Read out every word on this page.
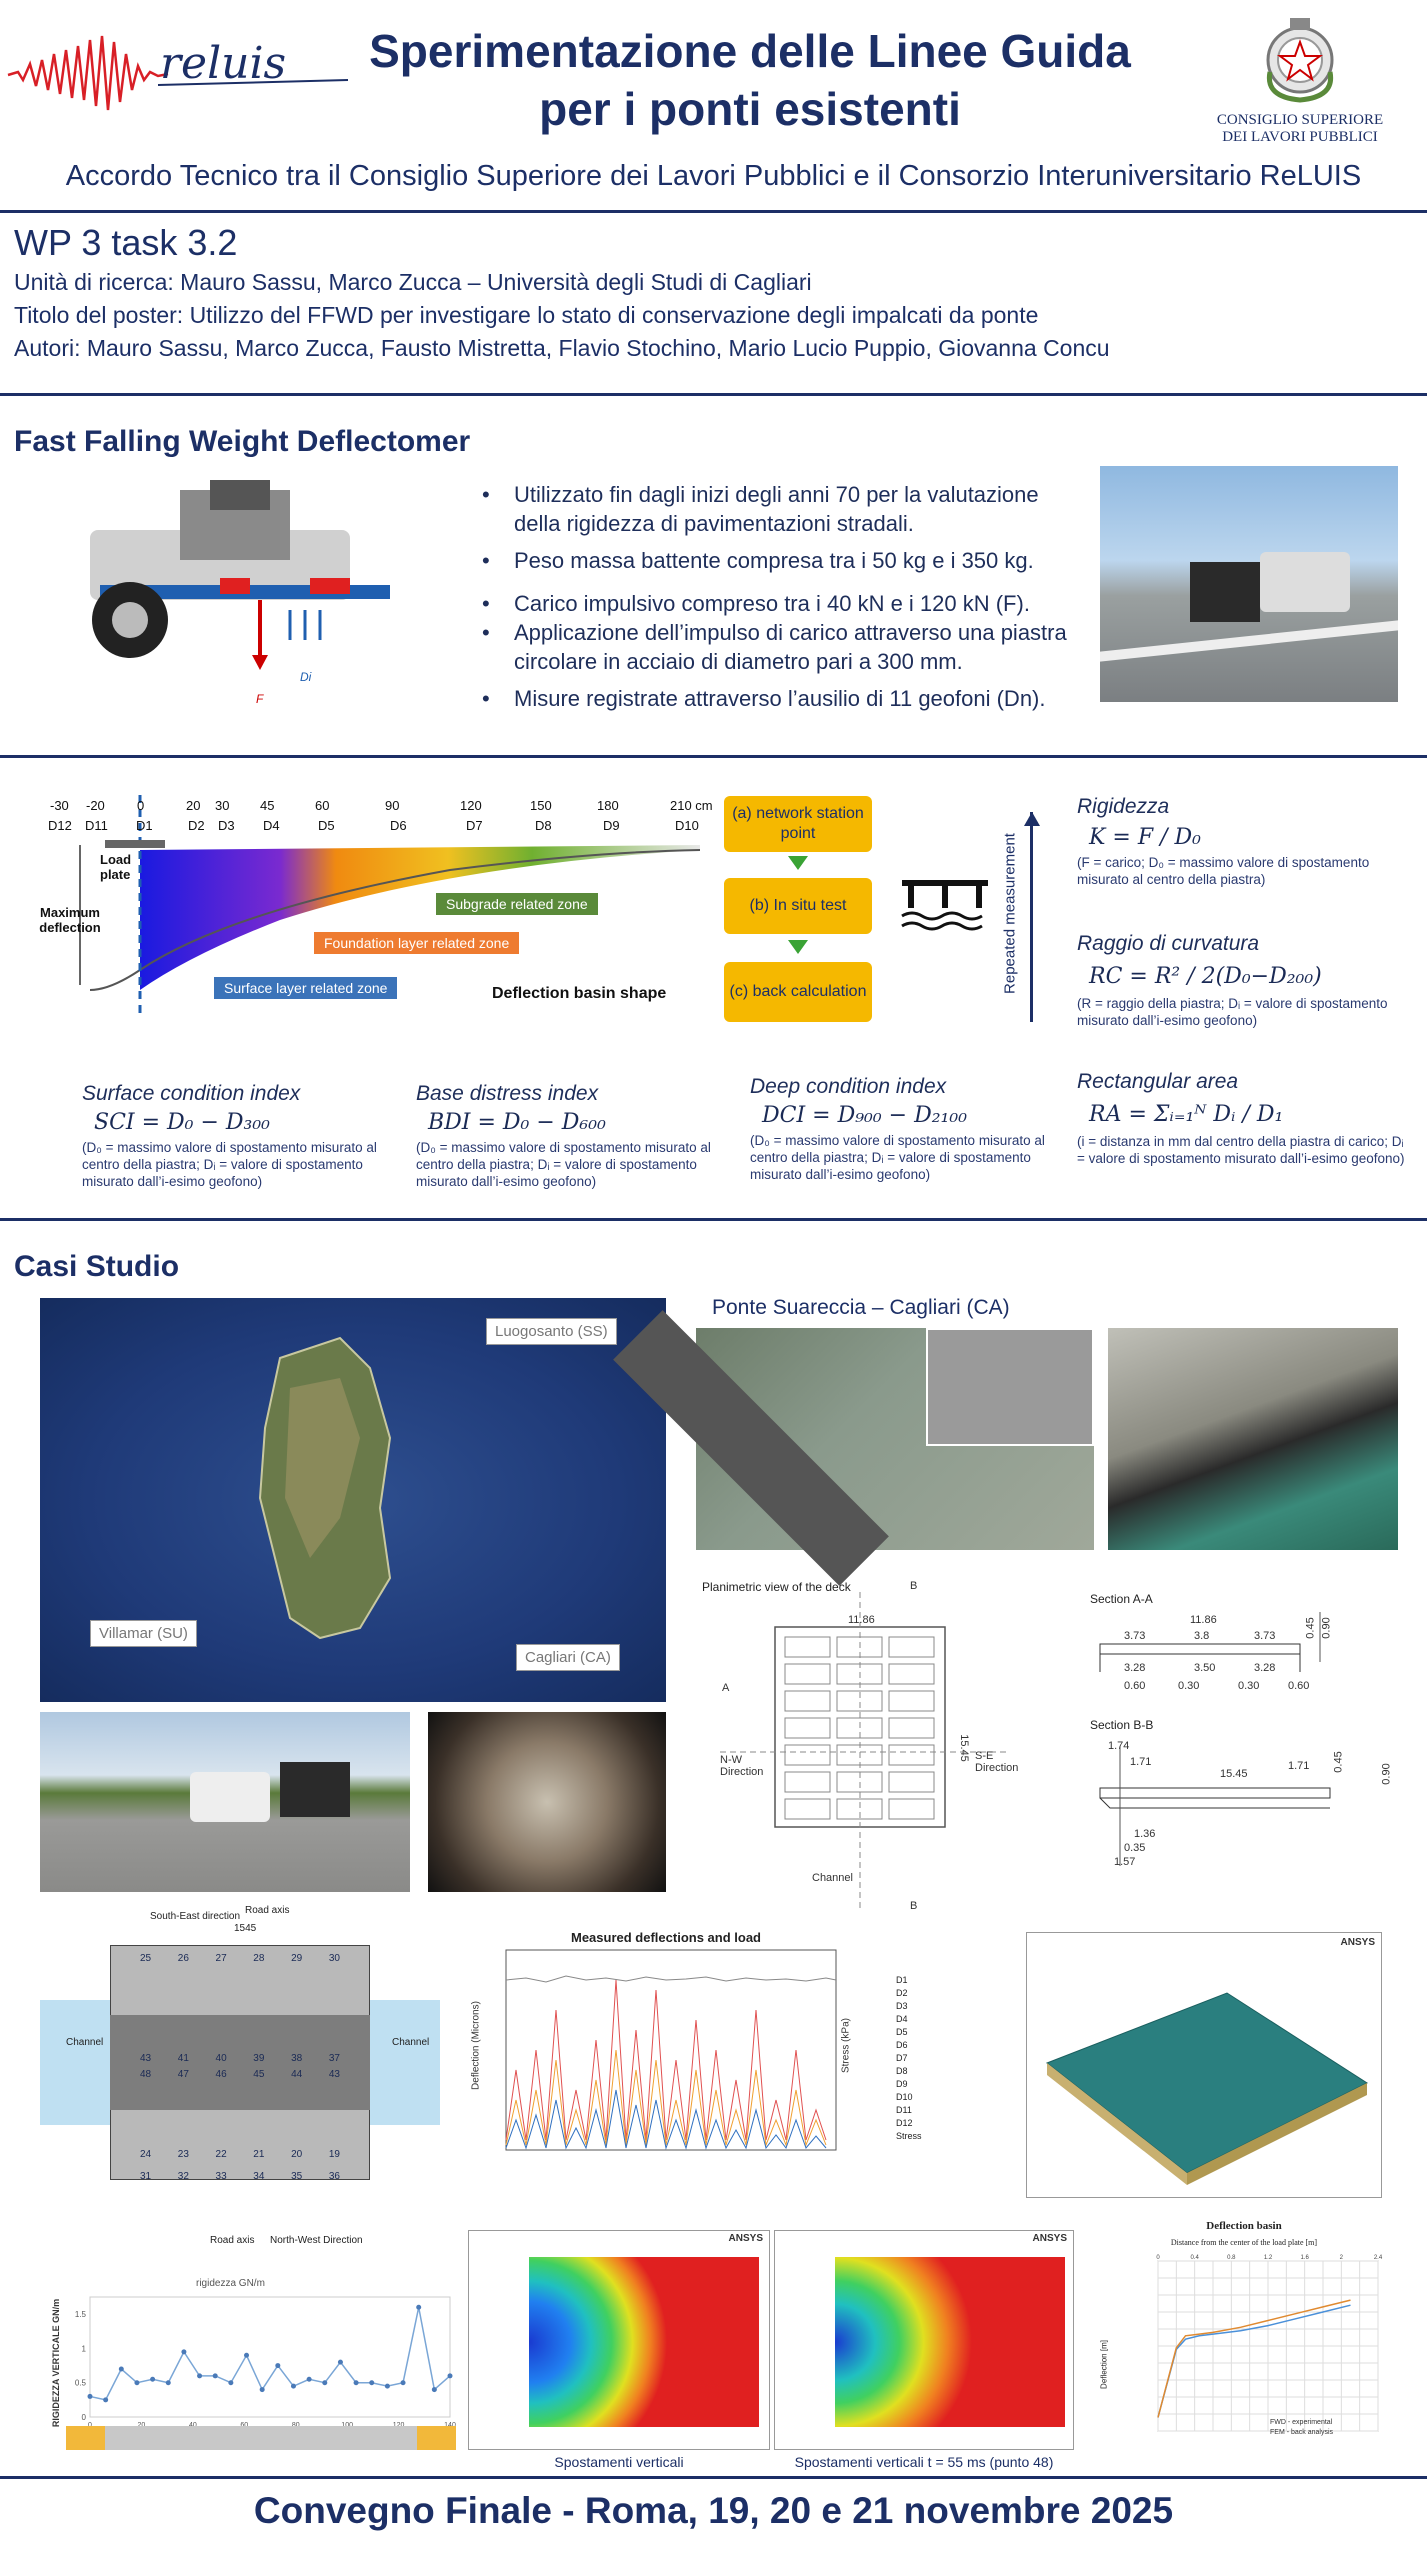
reluis	Sperimentazione delle Linee Guida
per i ponti esistenti	CONSIGLIO SUPERIORE
DEI LAVORI PUBBLICI
Accordo Tecnico tra il Consiglio Superiore dei Lavori Pubblici e il Consorzio Interuniversitario ReLUIS
WP 3 task 3.2
Unità di ricerca: Mauro Sassu, Marco Zucca – Università degli Studi di Cagliari
Titolo del poster: Utilizzo del FFWD per investigare lo stato di conservazione degli impalcati da ponte
Autori: Mauro Sassu, Marco Zucca, Fausto Mistretta, Flavio Stochino, Mario Lucio Puppio, Giovanna Concu
Fast Falling Weight Deflectomer
F
Di
• Utilizzato fin dagli inizi degli anni 70 per la valutazione della rigidezza di pavimentazioni stradali.
• Peso massa battente compresa tra i 50 kg e i 350 kg.
• Carico impulsivo compreso tra i 40 kN e i 120 kN (F).
• Applicazione dell’impulso di carico attraverso una piastra circolare in acciaio di diametro pari a 300 mm.
• Misure registrate attraverso l’ausilio di 11 geofoni (Dn).
-30 -20 0	20 30 45	60	90	120	150	180	210 cm
D12 D11 D1	D2 D3 D4	D5	D6	D7	D8	D9	D10
Load plate
Maximum deflection
Subgrade related zone
Foundation layer related zone
Surface layer related zone	Deflection basin shape
(a) network station point
(b) In situ test
(c) back calculation	Repeated measurement
Rigidezza
K = F / D₀
(F = carico; D₀ = massimo valore di spostamento misurato al centro della piastra)
Raggio di curvatura
RC = R² / 2(D₀−D₂₀₀)
(R = raggio della piastra; Dᵢ = valore di spostamento misurato dall’i-esimo geofono)
Rectangular area
RA = Σᵢ₌₁ᴺ Dᵢ / D₁
(i = distanza in mm dal centro della piastra di carico; Dᵢ = valore di spostamento misurato dall’i-esimo geofono)
Surface condition index
SCI = D₀ − D₃₀₀
(D₀ = massimo valore di spostamento misurato al centro della piastra; Dᵢ = valore di spostamento misurato dall’i-esimo geofono)
Base distress index
BDI = D₀ − D₆₀₀
(D₀ = massimo valore di spostamento misurato al centro della piastra; Dᵢ = valore di spostamento misurato dall’i-esimo geofono)
Deep condition index
DCI = D₉₀₀ − D₂₁₀₀
(D₀ = massimo valore di spostamento misurato al centro della piastra; Dᵢ = valore di spostamento misurato dall’i-esimo geofono)
Casi Studio
Luogosanto (SS)
Villamar (SU)
Cagliari (CA)
Ponte Suareccia – Cagliari (CA)
Planimetric view of the deck
11.86
15.45
B
A
N-W Direction
S-E Direction
Channel
B
Section A-A
11.86
3.73	3.8	3.73
3.28	3.50	3.28
0.60	0.30	0.30	0.60
0.45 0.90
Section B-B
1.74
1.71
15.45
1.71 0.45
0.90
1.36
0.35
1.57
South-East direction
Road axis
North-West Direction
Road axis
Channel	Channel
1545
25	26	27	28	29	30
43	41	40	39	38	37
48	47	46	45	44	43
24	23	22	21	20	19
31	32	33	34	35	36
Measured deflections and load
Deflection (Microns)	Stress (kPa)
D1
D2
D3
D4
D5
D6
D7
D8
D9
D10
D11
D12
Stress
ANSYS
ANSYS	ANSYS
Spostamenti verticali	Spostamenti verticali t = 55 ms (punto 48)
rigidezza GN/m
RIGIDEZZA VERTICALE GN/m	0
0.5
1
1.5
Deflection basin
Distance from the center of the load plate [m]
Deflection [m]
0	0.4	0.8	1.2	1.6	2	2.4
FWD - experimental
FEM - back analysis
Convegno Finale - Roma, 19, 20 e 21 novembre 2025
